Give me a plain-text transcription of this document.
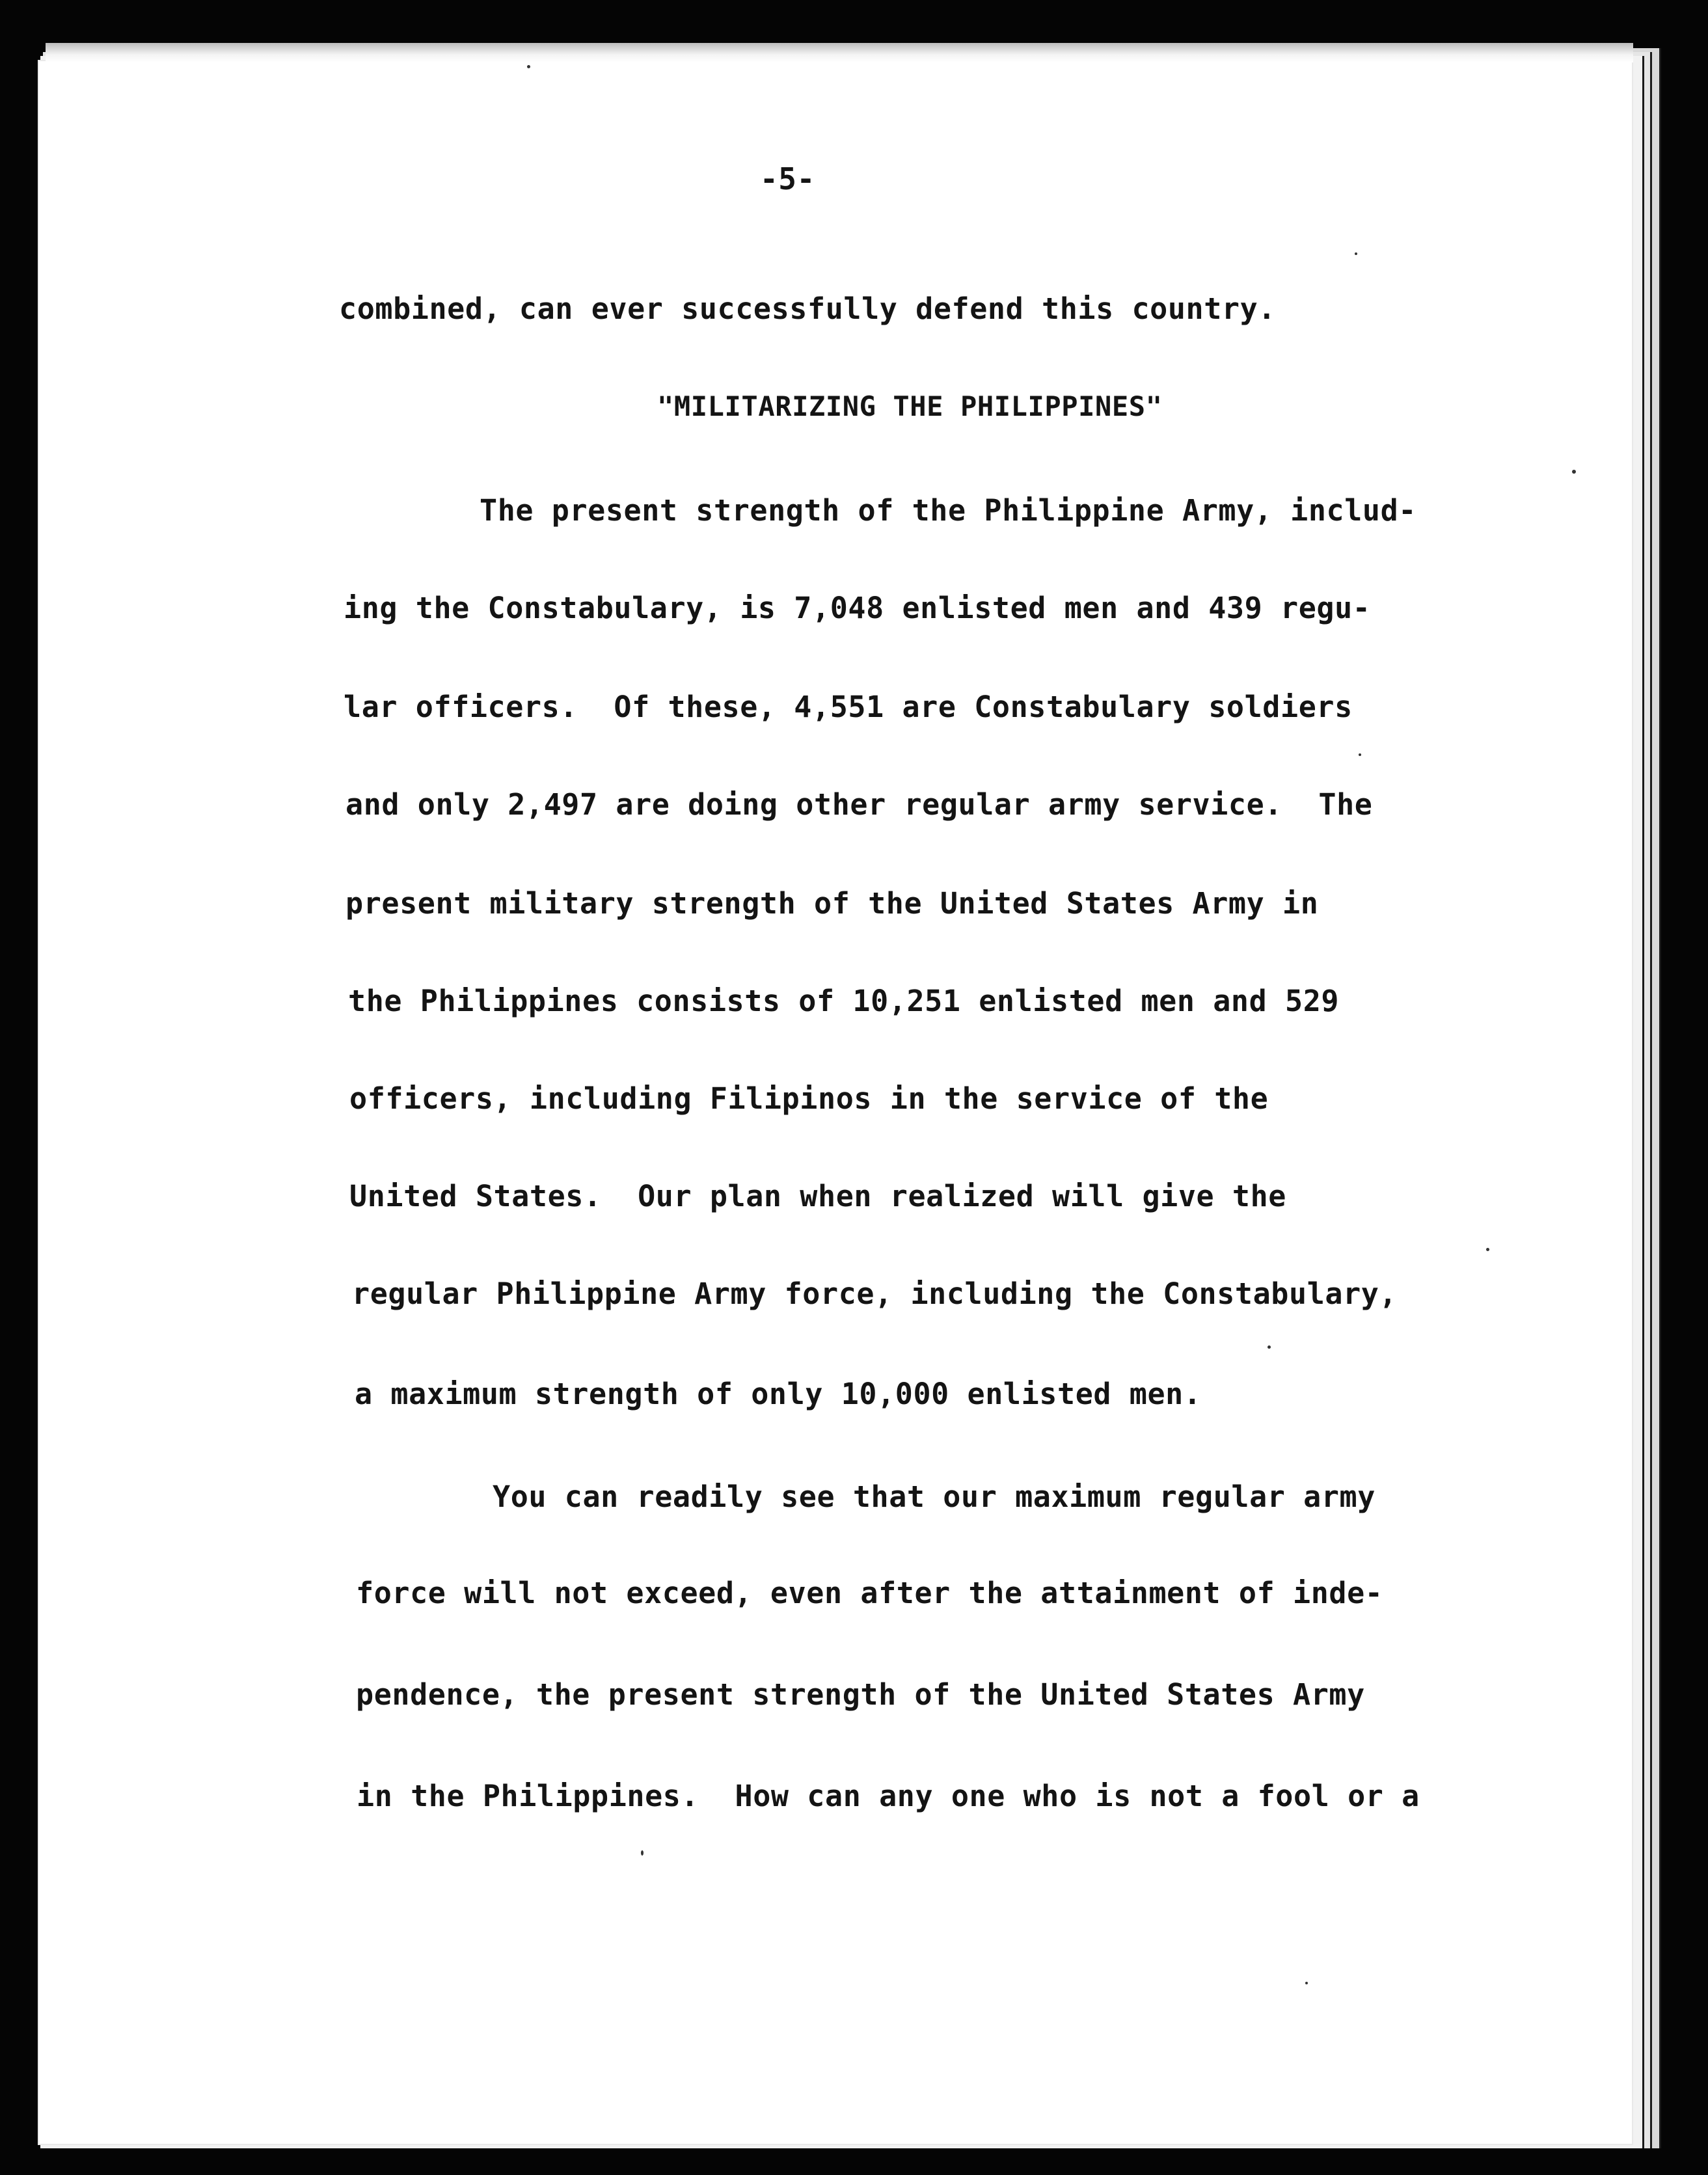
-5-

"MILITARIZING THE PHILIPPINES"

combined, can ever successfully defend this country.

The present strength of the Philippine Army, includ-

ing the Constabulary, is 7,048 enlisted men and 439 regu-

lar officers.  Of these, 4,551 are Constabulary soldiers

and only 2,497 are doing other regular army service.  The

present military strength of the United States Army in

the Philippines consists of 10,251 enlisted men and 529

officers, including Filipinos in the service of the

United States.  Our plan when realized will give the

regular Philippine Army force, including the Constabulary,

a maximum strength of only 10,000 enlisted men.

You can readily see that our maximum regular army

force will not exceed, even after the attainment of inde-

pendence, the present strength of the United States Army

in the Philippines.  How can any one who is not a fool or a
